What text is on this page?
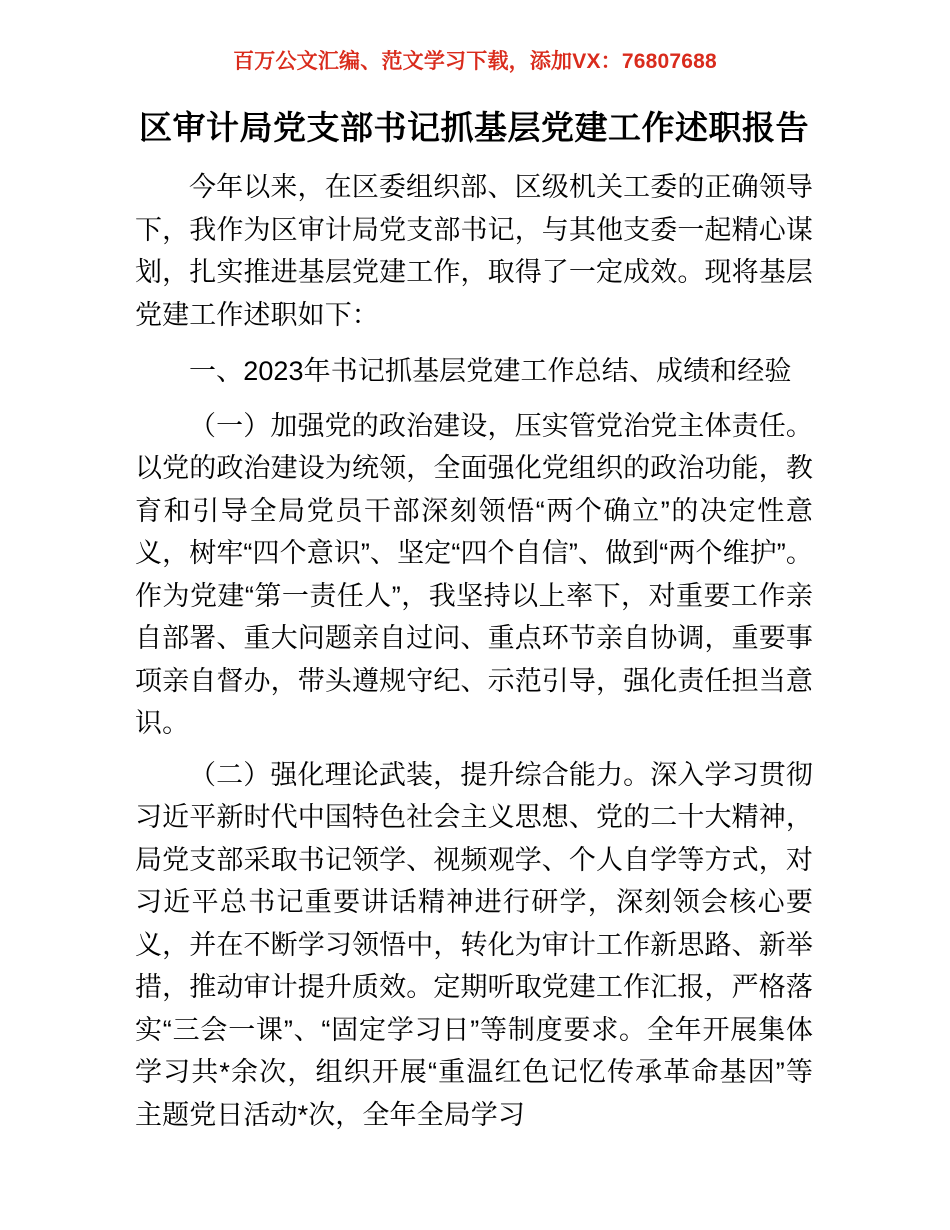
百万公文汇编、范文学习下载，添加VX：76807688
区审计局党支部书记抓基层党建工作述职报告

今年以来，在区委组织部、区级机关工委的正确领导下，我作为区审计局党支部书记，与其他支委一起精心谋划，扎实推进基层党建工作，取得了一定成效。现将基层党建工作述职如下：

一、2023年书记抓基层党建工作总结、成绩和经验

（一）加强党的政治建设，压实管党治党主体责任。以党的政治建设为统领，全面强化党组织的政治功能，教育和引导全局党员干部深刻领悟“两个确立”的决定性意义，树牢“四个意识”、坚定“四个自信”、做到“两个维护”。作为党建“第一责任人”，我坚持以上率下，对重要工作亲自部署、重大问题亲自过问、重点环节亲自协调，重要事项亲自督办，带头遵规守纪、示范引导，强化责任担当意识。

（二）强化理论武装，提升综合能力。深入学习贯彻习近平新时代中国特色社会主义思想、党的二十大精神，局党支部采取书记领学、视频观学、个人自学等方式，对习近平总书记重要讲话精神进行研学，深刻领会核心要义，并在不断学习领悟中，转化为审计工作新思路、新举措，推动审计提升质效。定期听取党建工作汇报，严格落实“三会一课”、“固定学习日”等制度要求。全年开展集体学习共*余次，组织开展“重温红色记忆传承革命基因”等主题党日活动*次，全年全局学习
